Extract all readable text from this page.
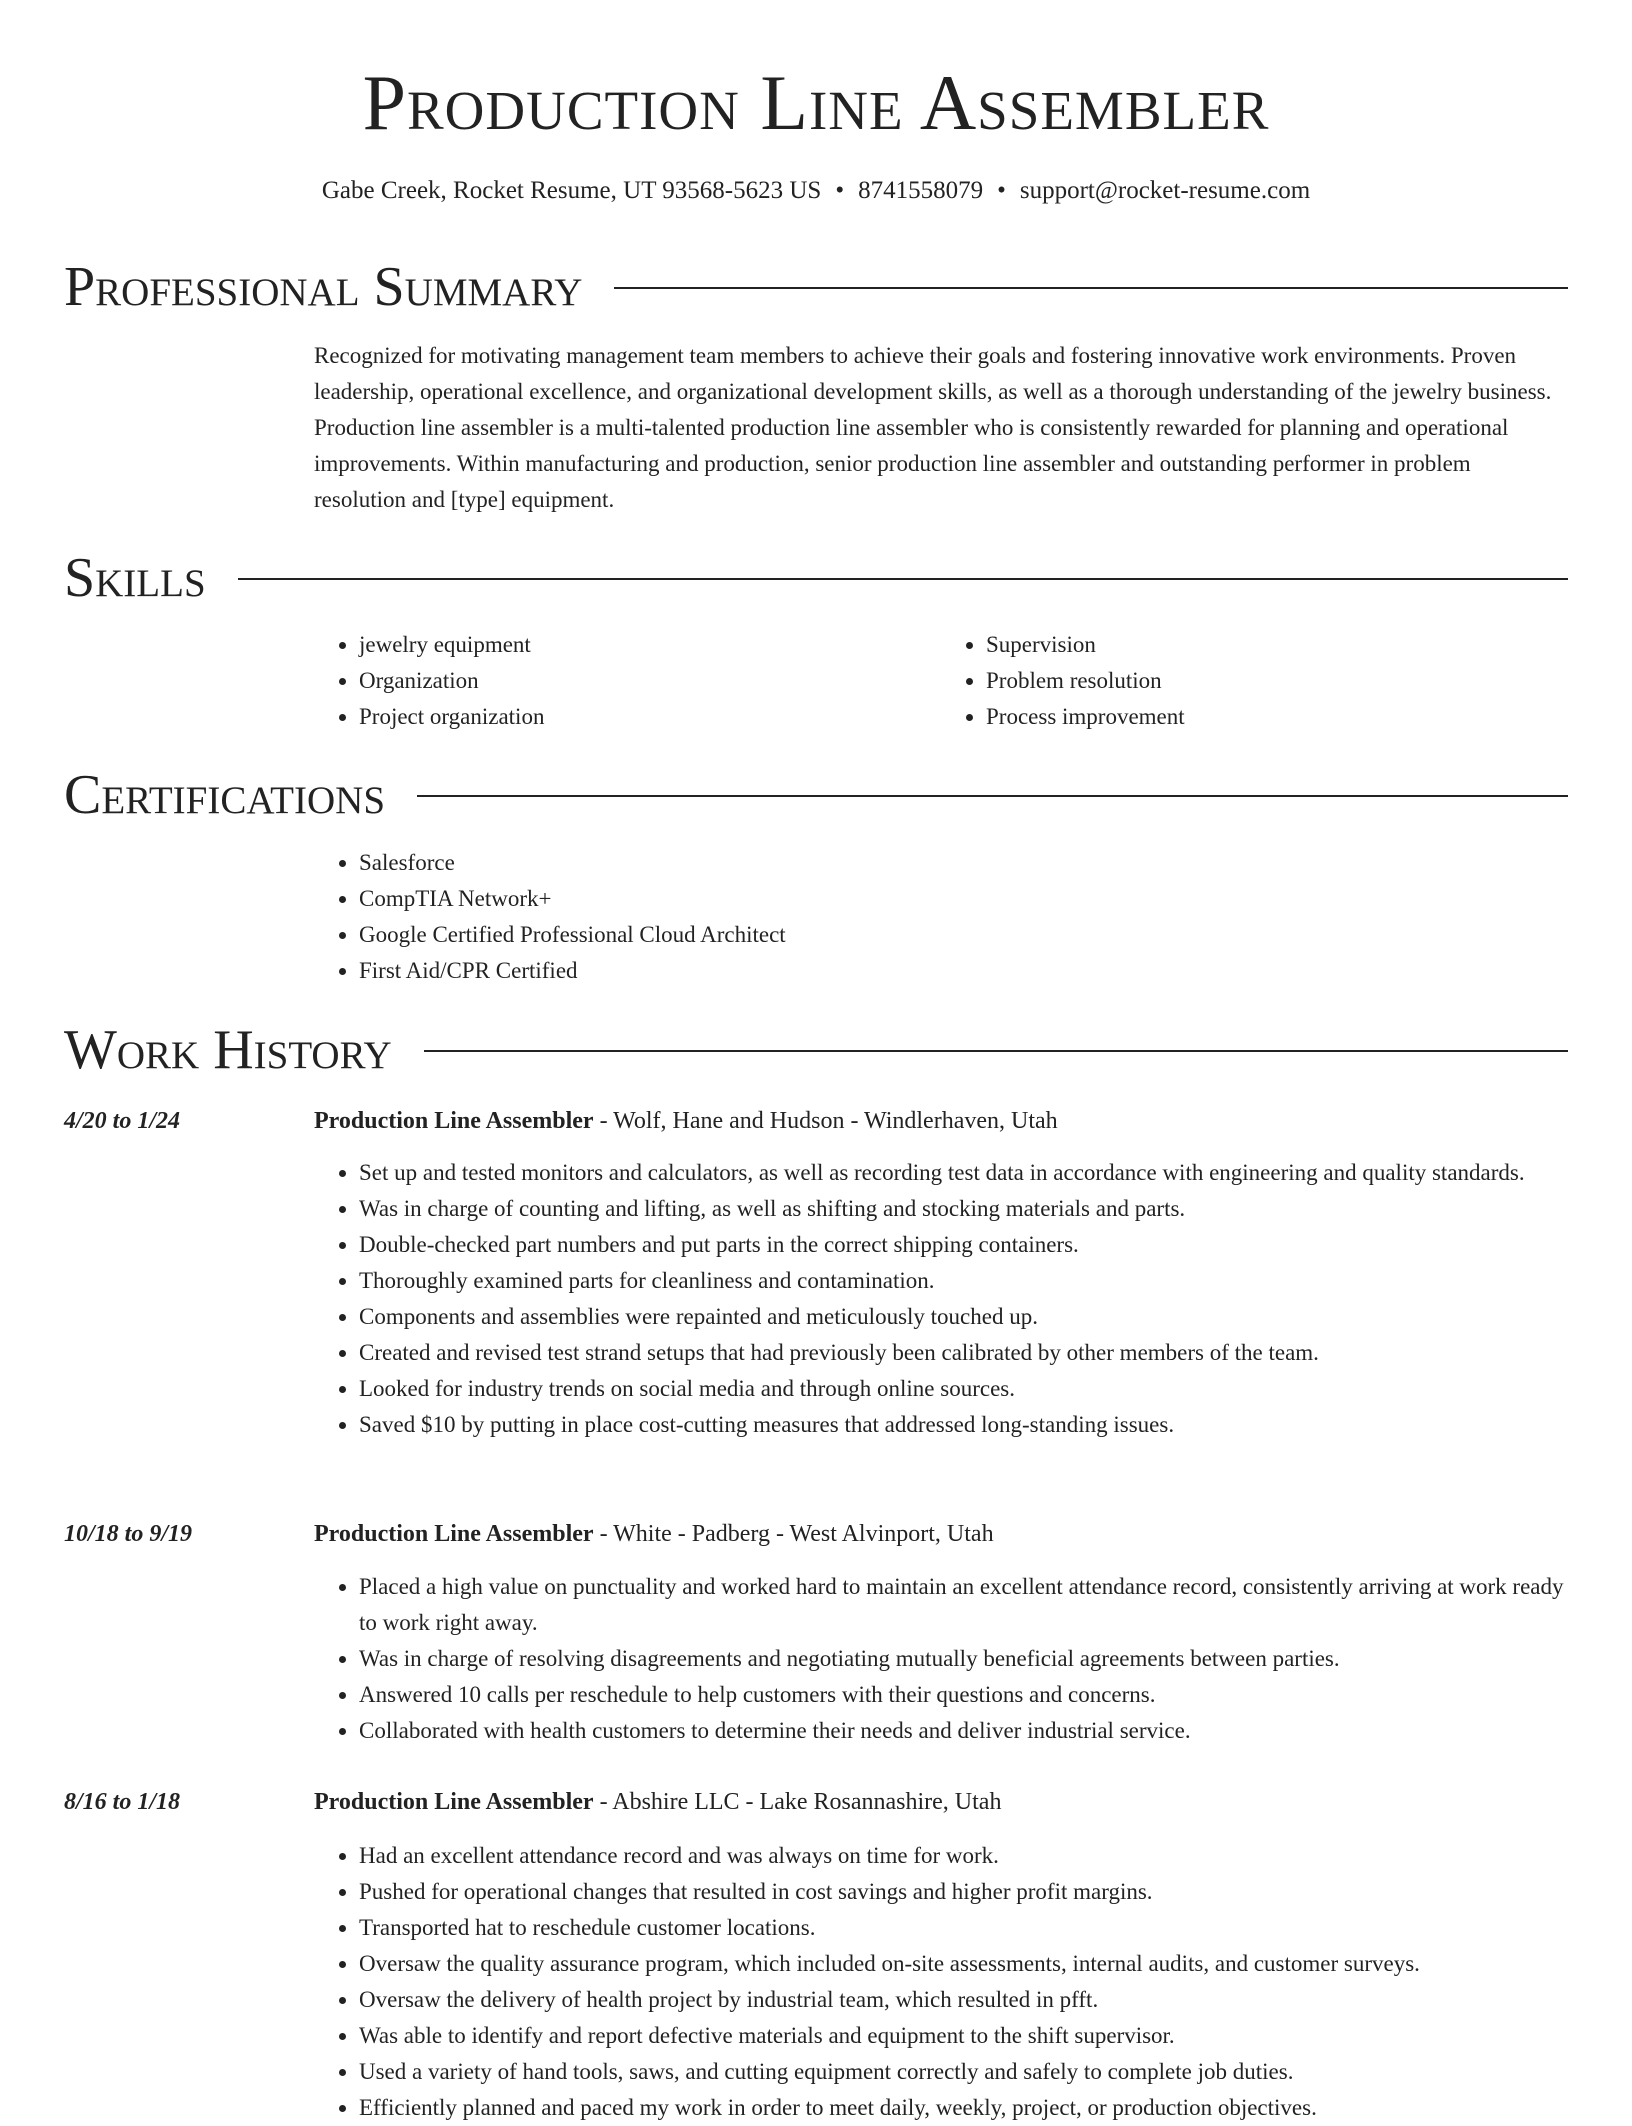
Production Line Assembler
Gabe Creek, Rocket Resume, UT 93568-5623 US • 8741558079 • support@rocket-resume.com
Professional Summary

Recognized for motivating management team members to achieve their goals and fostering innovative work environments. Proven leadership, operational excellence, and organizational development skills, as well as a thorough understanding of the jewelry business. Production line assembler is a multi-talented production line assembler who is consistently rewarded for planning and operational improvements. Within manufacturing and production, senior production line assembler and outstanding performer in problem resolution and [type] equipment.

Skills
• jewelry equipment
• Organization
• Project organization
• Supervision
• Problem resolution
• Process improvement
Certifications
• Salesforce
• CompTIA Network+
• Google Certified Professional Cloud Architect
• First Aid/CPR Certified
Work History
4/20 to 1/24	Production Line Assembler - Wolf, Hane and Hudson - Windlerhaven, Utah
• Set up and tested monitors and calculators, as well as recording test data in accordance with engineering and quality standards.
• Was in charge of counting and lifting, as well as shifting and stocking materials and parts.
• Double-checked part numbers and put parts in the correct shipping containers.
• Thoroughly examined parts for cleanliness and contamination.
• Components and assemblies were repainted and meticulously touched up.
• Created and revised test strand setups that had previously been calibrated by other members of the team.
• Looked for industry trends on social media and through online sources.
• Saved $10 by putting in place cost-cutting measures that addressed long-standing issues.
10/18 to 9/19	Production Line Assembler - White - Padberg - West Alvinport, Utah
• Placed a high value on punctuality and worked hard to maintain an excellent attendance record, consistently arriving at work ready to work right away.
• Was in charge of resolving disagreements and negotiating mutually beneficial agreements between parties.
• Answered 10 calls per reschedule to help customers with their questions and concerns.
• Collaborated with health customers to determine their needs and deliver industrial service.
8/16 to 1/18	Production Line Assembler - Abshire LLC - Lake Rosannashire, Utah
• Had an excellent attendance record and was always on time for work.
• Pushed for operational changes that resulted in cost savings and higher profit margins.
• Transported hat to reschedule customer locations.
• Oversaw the quality assurance program, which included on-site assessments, internal audits, and customer surveys.
• Oversaw the delivery of health project by industrial team, which resulted in pfft.
• Was able to identify and report defective materials and equipment to the shift supervisor.
• Used a variety of hand tools, saws, and cutting equipment correctly and safely to complete job duties.
• Efficiently planned and paced my work in order to meet daily, weekly, project, or production objectives.
